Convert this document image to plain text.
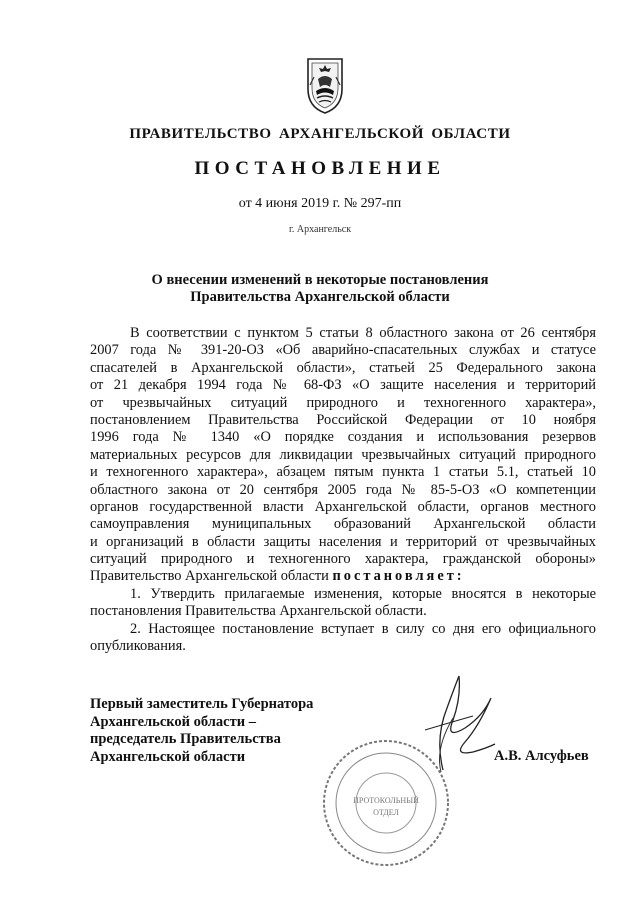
ПРАВИТЕЛЬСТВО АРХАНГЕЛЬСКОЙ ОБЛАСТИ
ПОСТАНОВЛЕНИЕ
от 4 июня 2019 г. № 297-пп
г. Архангельск
О внесении изменений в некоторые постановления
Правительства Архангельской области
В соответствии с пунктом 5 статьи 8 областного закона от 26 сентября
2007 года № 391-20-ОЗ «Об аварийно-спасательных службах и статусе
спасателей в Архангельской области», статьей 25 Федерального закона
от 21 декабря 1994 года № 68-ФЗ «О защите населения и территорий
от чрезвычайных ситуаций природного и техногенного характера»,
постановлением Правительства Российской Федерации от 10 ноября
1996 года № 1340 «О порядке создания и использования резервов
материальных ресурсов для ликвидации чрезвычайных ситуаций природного
и техногенного характера», абзацем пятым пункта 1 статьи 5.1, статьей 10
областного закона от 20 сентября 2005 года № 85-5-ОЗ «О компетенции
органов государственной власти Архангельской области, органов местного
самоуправления муниципальных образований Архангельской области
и организаций в области защиты населения и территорий от чрезвычайных
ситуаций природного и техногенного характера, гражданской обороны»
Правительство Архангельской области постановляет:
1. Утвердить прилагаемые изменения, которые вносятся в некоторые
постановления Правительства Архангельской области.
2. Настоящее постановление вступает в силу со дня его официального
опубликования.
Первый заместитель Губернатора
Архангельской области –
председатель Правительства
Архангельской области
ПРОТОКОЛЬНЫЙ
ОТДЕЛ
А.В. Алсуфьев
